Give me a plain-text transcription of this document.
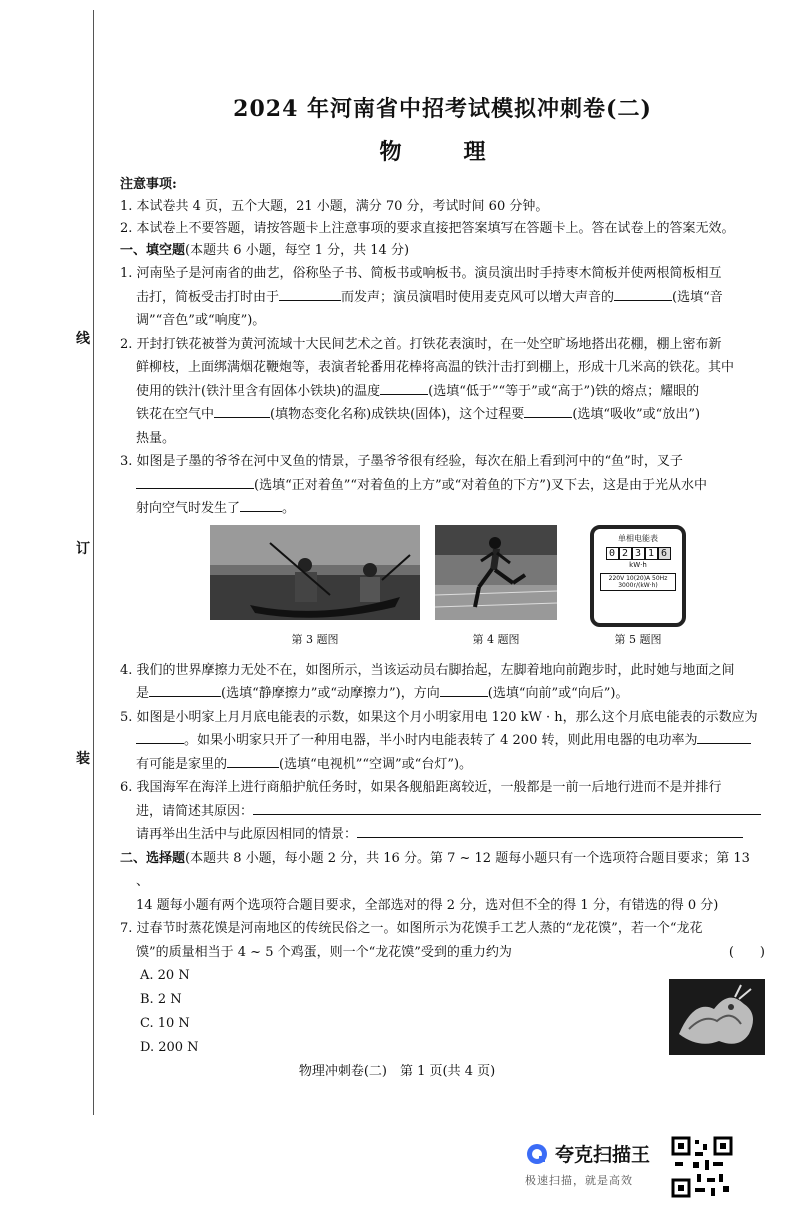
线
订
装
2024 年河南省中招考试模拟冲刺卷(二)
物　理

注意事项:

1. 本试卷共 4 页，五个大题，21 小题，满分 70 分，考试时间 60 分钟。

2. 本试卷上不要答题，请按答题卡上注意事项的要求直接把答案填写在答题卡上。答在试卷上的答案无效。

一、填空题(本题共 6 小题，每空 1 分，共 14 分)

1. 河南坠子是河南省的曲艺，俗称坠子书、简板书或响板书。演员演出时手持枣木简板并使两根简板相互

击打，简板受击打时由于	而发声；演员演唱时使用麦克风可以增大声音的	(选填“音

调”“音色”或“响度”)。

2. 开封打铁花被誉为黄河流域十大民间艺术之首。打铁花表演时，在一处空旷场地搭出花棚，棚上密布新

鲜柳枝，上面绑满烟花鞭炮等，表演者轮番用花棒将高温的铁汁击打到棚上，形成十几米高的铁花。其中

使用的铁汁(铁汁里含有固体小铁块)的温度	(选填“低于”“等于”或“高于”)铁的熔点；耀眼的

铁花在空气中	(填物态变化名称)成铁块(固体)，这个过程要	(选填“吸收”或“放出”)

热量。

3. 如图是子墨的爷爷在河中叉鱼的情景，子墨爷爷很有经验，每次在船上看到河中的“鱼”时，叉子

(选填“正对着鱼”“对着鱼的上方”或“对着鱼的下方”)叉下去，这是由于光从水中

射向空气时发生了	。

单相电能表
0 2 3 1 6
kW·h
220V 10(20)A 50Hz
3000r/(kW·h)
第 3 题图	第 4 题图	第 5 题图

4. 我们的世界摩擦力无处不在，如图所示，当该运动员右脚抬起，左脚着地向前跑步时，此时她与地面之间

是	(选填“静摩擦力”或“动摩擦力”)，方向	(选填“向前”或“向后”)。

5. 如图是小明家上月月底电能表的示数，如果这个月小明家用电 120 kW · h，那么这个月底电能表的示数应为

。如果小明家只开了一种用电器，半小时内电能表转了 4 200 转，则此用电器的电功率为

有可能是家里的	(选填“电视机”“空调”或“台灯”)。

6. 我国海军在海洋上进行商船护航任务时，如果各舰船距离较近，一般都是一前一后地行进而不是并排行

进，请简述其原因：

请再举出生活中与此原因相同的情景：

二、选择题(本题共 8 小题，每小题 2 分，共 16 分。第 7 ~ 12 题每小题只有一个选项符合题目要求；第 13 、

14 题每小题有两个选项符合题目要求，全部选对的得 2 分，选对但不全的得 1 分，有错选的得 0 分)

7. 过春节时蒸花馍是河南地区的传统民俗之一。如图所示为花馍手工艺人蒸的“龙花馍”，若一个“龙花

馍”的质量相当于 4 ~ 5 个鸡蛋，则一个“龙花馍”受到的重力约为	(　　)

A. 20 N

B. 2 N

C. 10 N

D. 200 N

物理冲刺卷(二)　第 1 页(共 4 页)
夸克扫描王
极速扫描，就是高效
